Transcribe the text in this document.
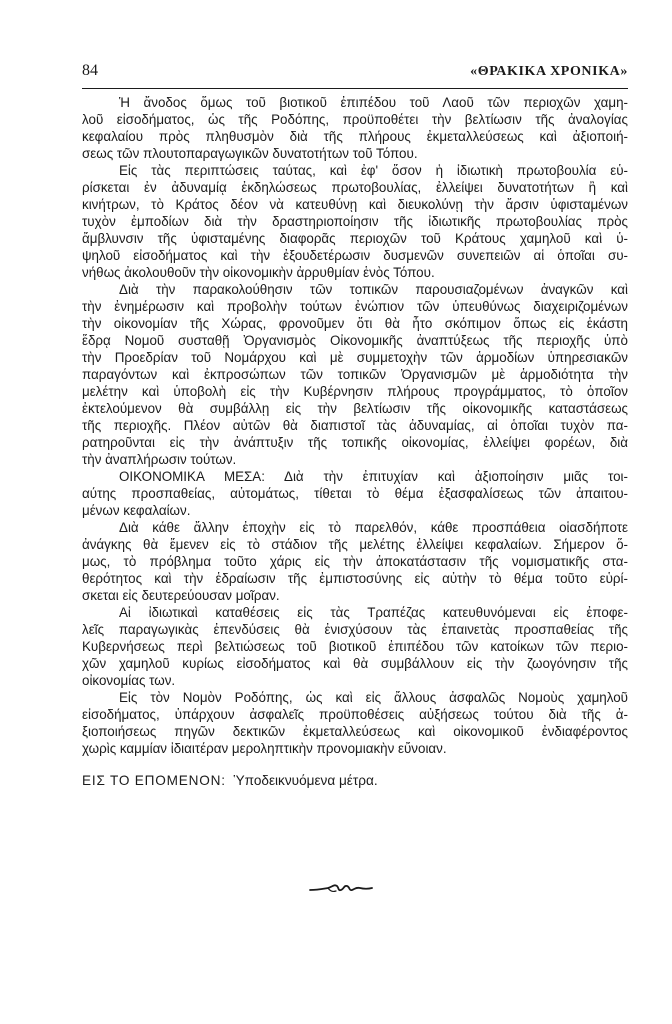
84	«ΘΡΑΚΙΚΑ ΧΡΟΝΙΚΑ»
Ἡ ἄνοδος ὅμως τοῦ βιοτικοῦ ἐπιπέδου τοῦ Λαοῦ τῶν περιοχῶν χαμη-
λοῦ εἰσοδήματος, ὡς τῆς Ροδόπης, προϋποθέτει τὴν βελτίωσιν τῆς ἀναλογίας
κεφαλαίου πρὸς πληθυσμὸν διὰ τῆς πλήρους ἐκμεταλλεύσεως καὶ ἀξιοποιή-
σεως τῶν πλουτοπαραγωγικῶν δυνατοτήτων τοῦ Τόπου.
Εἰς τὰς περιπτώσεις ταύτας, καὶ ἐφ' ὅσον ἡ ἰδιωτικὴ πρωτοβουλία εὑ-
ρίσκεται ἐν ἀδυναμίᾳ ἐκδηλώσεως πρωτοβουλίας, ἐλλείψει δυνατοτήτων ἢ καὶ
κινήτρων, τὸ Κράτος δέον νὰ κατευθύνῃ καὶ διευκολύνῃ τὴν ἄρσιν ὑφισταμένων
τυχὸν ἐμποδίων διὰ τὴν δραστηριοποίησιν τῆς ἰδιωτικῆς πρωτοβουλίας πρὸς
ἄμβλυνσιν τῆς ὑφισταμένης διαφορᾶς περιοχῶν τοῦ Κράτους χαμηλοῦ καὶ ὑ-
ψηλοῦ εἰσοδήματος καὶ τὴν ἐξουδετέρωσιν δυσμενῶν συνεπειῶν αἱ ὁποῖαι συ-
νήθως ἀκολουθοῦν τὴν οἰκονομικὴν ἀρρυθμίαν ἑνὸς Τόπου.
Διὰ τὴν παρακολούθησιν τῶν τοπικῶν παρουσιαζομένων ἀναγκῶν καὶ
τὴν ἐνημέρωσιν καὶ προβολὴν τούτων ἐνώπιον τῶν ὑπευθύνως διαχειριζομένων
τὴν οἰκονομίαν τῆς Χώρας, φρονοῦμεν ὅτι θὰ ἦτο σκόπιμον ὅπως εἰς ἑκάστη
ἕδρᾳ Νομοῦ συσταθῇ Ὀργανισμὸς Οἰκονομικῆς ἀναπτύξεως τῆς περιοχῆς ὑπὸ
τὴν Προεδρίαν τοῦ Νομάρχου καὶ μὲ συμμετοχὴν τῶν ἁρμοδίων ὑπηρεσιακῶν
παραγόντων καὶ ἐκπροσώπων τῶν τοπικῶν Ὀργανισμῶν μὲ ἁρμοδιότητα τὴν
μελέτην καὶ ὑποβολὴ εἰς τὴν Κυβέρνησιν πλήρους προγράμματος, τὸ ὁποῖον
ἐκτελούμενον θὰ συμβάλλῃ εἰς τὴν βελτίωσιν τῆς οἰκονομικῆς καταστάσεως
τῆς περιοχῆς. Πλέον αὐτῶν θὰ διαπιστοῖ τὰς ἀδυναμίας, αἱ ὁποῖαι τυχὸν πα-
ρατηροῦνται εἰς τὴν ἀνάπτυξιν τῆς τοπικῆς οἰκονομίας, ἐλλείψει φορέων, διὰ
τὴν ἀναπλήρωσιν τούτων.
ΟΙΚΟΝΟΜΙΚΑ ΜΕΣΑ: Διὰ τὴν ἐπιτυχίαν καὶ ἀξιοποίησιν μιᾶς τοι-
αύτης προσπαθείας, αὐτομάτως, τίθεται τὸ θέμα ἐξασφαλίσεως τῶν ἀπαιτου-
μένων κεφαλαίων.
Διὰ κάθε ἄλλην ἐποχὴν εἰς τὸ παρελθόν, κάθε προσπάθεια οἱασδήποτε
ἀνάγκης θὰ ἔμενεν εἰς τὸ στάδιον τῆς μελέτης ἐλλείψει κεφαλαίων. Σήμερον ὅ-
μως, τὸ πρόβλημα τοῦτο χάρις εἰς τὴν ἀποκατάστασιν τῆς νομισματικῆς στα-
θερότητος καὶ τὴν ἑδραίωσιν τῆς ἐμπιστοσύνης εἰς αὐτὴν τὸ θέμα τοῦτο εὑρί-
σκεται εἰς δευτερεύουσαν μοῖραν.
Αἱ ἰδιωτικαὶ καταθέσεις εἰς τὰς Τραπέζας κατευθυνόμεναι εἰς ἐποφε-
λεῖς παραγωγικὰς ἐπενδύσεις θὰ ἐνισχύσουν τὰς ἐπαινετὰς προσπαθείας τῆς
Κυβερνήσεως περὶ βελτιώσεως τοῦ βιοτικοῦ ἐπιπέδου τῶν κατοίκων τῶν περιο-
χῶν χαμηλοῦ κυρίως εἰσοδήματος καὶ θὰ συμβάλλουν εἰς τὴν ζωογόνησιν τῆς
οἰκονομίας των.
Εἰς τὸν Νομὸν Ροδόπης, ὡς καὶ εἰς ἄλλους ἀσφαλῶς Νομοὺς χαμηλοῦ
εἰσοδήματος, ὑπάρχουν ἀσφαλεῖς προϋποθέσεις αὐξήσεως τούτου διὰ τῆς ἀ-
ξιοποιήσεως πηγῶν δεκτικῶν ἐκμεταλλεύσεως καὶ οἰκονομικοῦ ἐνδιαφέροντος
χωρὶς καμμίαν ἰδιαιτέραν μεροληπτικὴν προνομιακὴν εὔνοιαν.
ΕΙΣ ΤΟ ΕΠΟΜΕΝΟΝ: Ὑποδεικνυόμενα μέτρα.
